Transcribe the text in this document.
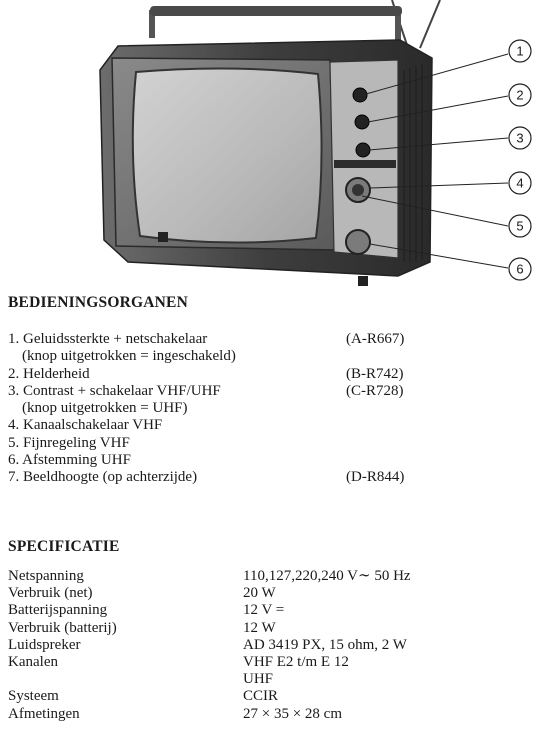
1
2
3
4
5
6
BEDIENINGSORGANEN
1. Geluidssterkte + netschakelaar	(A-R667)
(knop uitgetrokken = ingeschakeld)
2. Helderheid	(B-R742)
3. Contrast + schakelaar VHF/UHF	(C-R728)
(knop uitgetrokken = UHF)
4. Kanaalschakelaar VHF
5. Fijnregeling VHF
6. Afstemming UHF
7. Beeldhoogte (op achterzijde)	(D-R844)
SPECIFICATIE
Netspanning	110,127,220,240 V∼ 50 Hz
Verbruik (net)	20 W
Batterijspanning	12 V =
Verbruik (batterij)	12 W
Luidspreker	AD 3419 PX, 15 ohm, 2 W
Kanalen	VHF E2 t/m E 12
UHF
Systeem	CCIR
Afmetingen	27 × 35 × 28 cm
